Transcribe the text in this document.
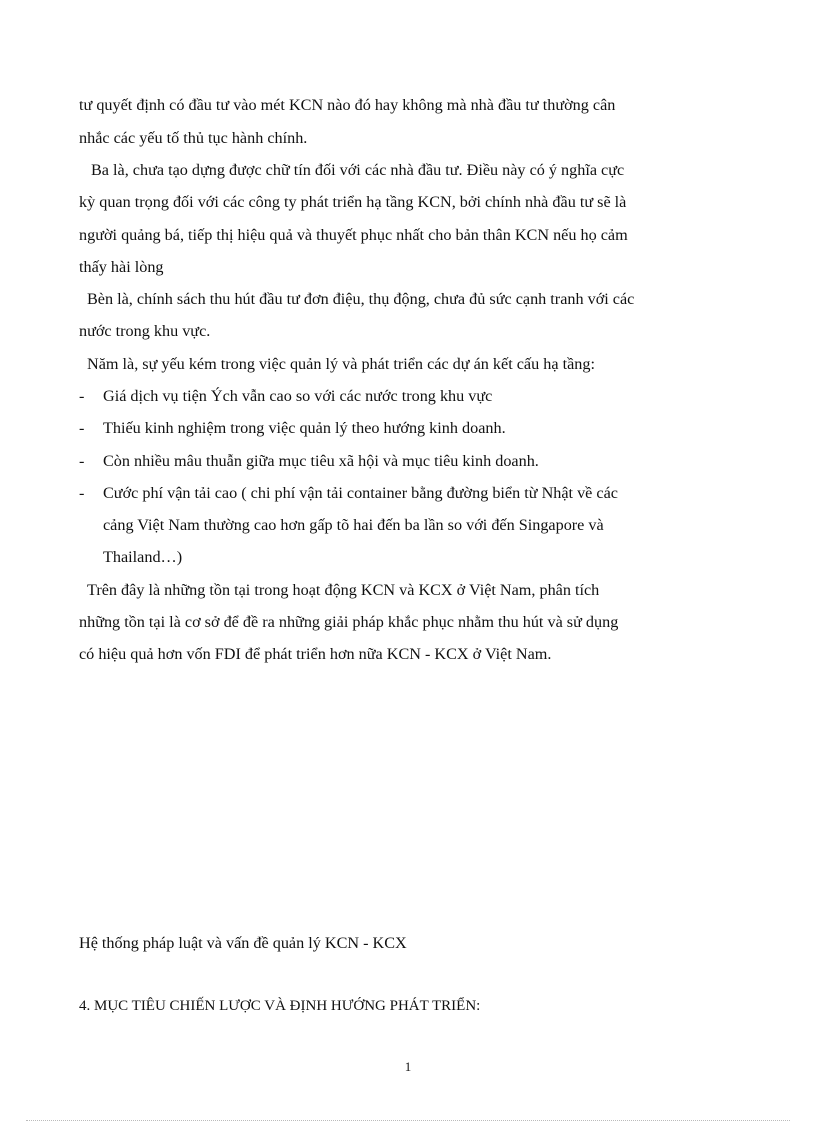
tư quyết định có đầu tư vào mét KCN nào đó hay không mà nhà đầu tư thường cân
nhắc các yếu tố thủ tục hành chính.
Ba là, chưa tạo dựng được chữ tín đối với các nhà đầu tư. Điều này có ý nghĩa cực
kỳ quan trọng đối với các công ty phát triển hạ tầng KCN, bởi chính nhà đầu tư sẽ là
người quảng bá, tiếp thị hiệu quả và thuyết phục nhất cho bản thân KCN nếu họ cảm
thấy hài lòng
Bèn là, chính sách thu hút đầu tư đơn điệu, thụ động, chưa đủ sức cạnh tranh với các
nước trong khu vực.
Năm là, sự yếu kém trong việc quản lý và phát triển các dự án kết cấu hạ tầng:
- Giá dịch vụ tiện Ých vẫn cao so với các nước trong khu vực
- Thiếu kinh nghiệm trong việc quản lý theo hướng kinh doanh.
- Còn nhiều mâu thuẫn giữa mục tiêu xã hội và mục tiêu kinh doanh.
- Cước phí vận tải cao ( chi phí vận tải container bằng đường biển từ Nhật về các
cảng Việt Nam thường cao hơn gấp tõ hai đến ba lần so với đến Singapore và
Thailand…)
Trên đây là những tồn tại trong hoạt động KCN và KCX ở Việt Nam, phân tích
những tồn tại là cơ sở để đề ra những giải pháp khắc phục nhằm thu hút và sử dụng
có hiệu quả hơn vốn FDI để phát triển hơn nữa KCN - KCX ở Việt Nam.
Hệ thống pháp luật và vấn đề quản lý KCN - KCX
4. MỤC TIÊU CHIẾN LƯỢC VÀ ĐỊNH HƯỚNG PHÁT TRIỂN:
1
